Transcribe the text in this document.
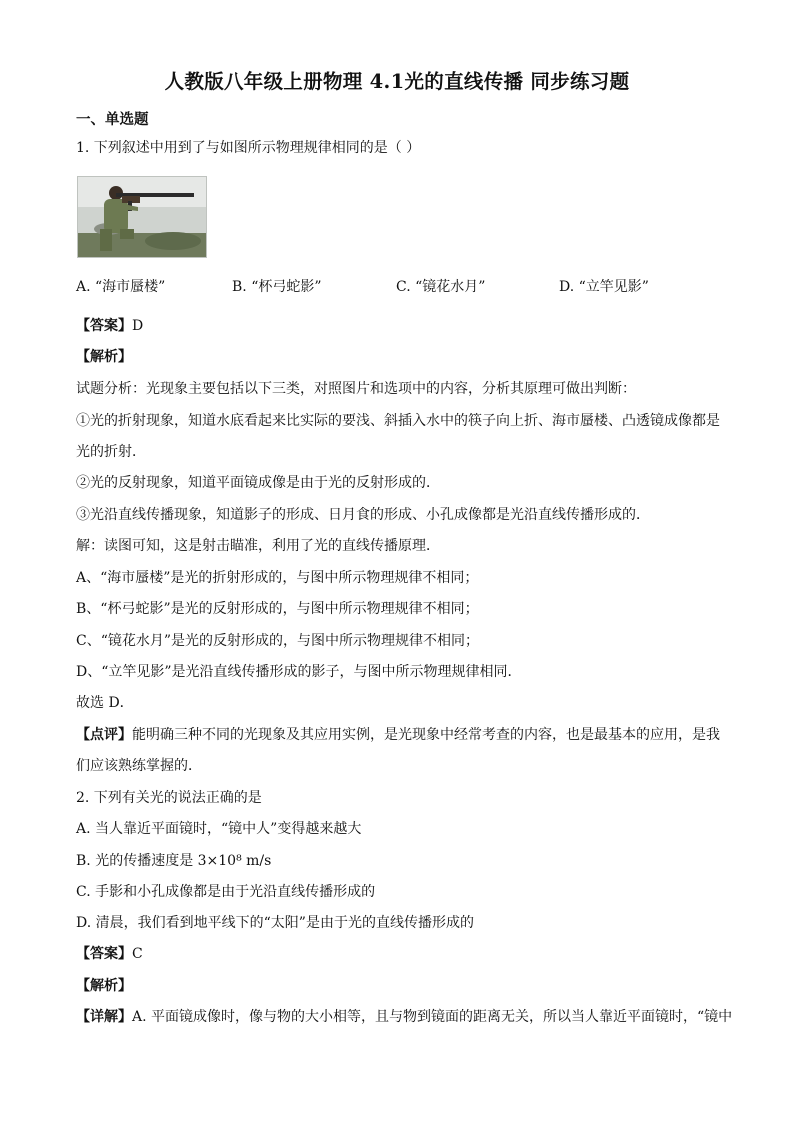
人教版八年级上册物理 4.1光的直线传播 同步练习题
一、单选题
1. 下列叙述中用到了与如图所示物理规律相同的是（ ）
A. “海市蜃楼”	B. “杯弓蛇影”	C. “镜花水月”	D. “立竿见影”
【答案】D
【解析】
试题分析：光现象主要包括以下三类，对照图片和选项中的内容，分析其原理可做出判断：
①光的折射现象，知道水底看起来比实际的要浅、斜插入水中的筷子向上折、海市蜃楼、凸透镜成像都是
光的折射．
②光的反射现象，知道平面镜成像是由于光的反射形成的．
③光沿直线传播现象，知道影子的形成、日月食的形成、小孔成像都是光沿直线传播形成的．
解：读图可知，这是射击瞄准，利用了光的直线传播原理．
A、“海市蜃楼”是光的折射形成的，与图中所示物理规律不相同；
B、“杯弓蛇影”是光的反射形成的，与图中所示物理规律不相同；
C、“镜花水月”是光的反射形成的，与图中所示物理规律不相同；
D、“立竿见影”是光沿直线传播形成的影子，与图中所示物理规律相同．
故选 D．
【点评】能明确三种不同的光现象及其应用实例，是光现象中经常考查的内容，也是最基本的应用，是我
们应该熟练掌握的．
2. 下列有关光的说法正确的是
A. 当人靠近平面镜时，“镜中人”变得越来越大
B. 光的传播速度是 3×10⁸ m/s
C. 手影和小孔成像都是由于光沿直线传播形成的
D. 清晨，我们看到地平线下的“太阳”是由于光的直线传播形成的
【答案】C
【解析】
【详解】A. 平面镜成像时，像与物的大小相等，且与物到镜面的距离无关，所以当人靠近平面镜时，“镜中
